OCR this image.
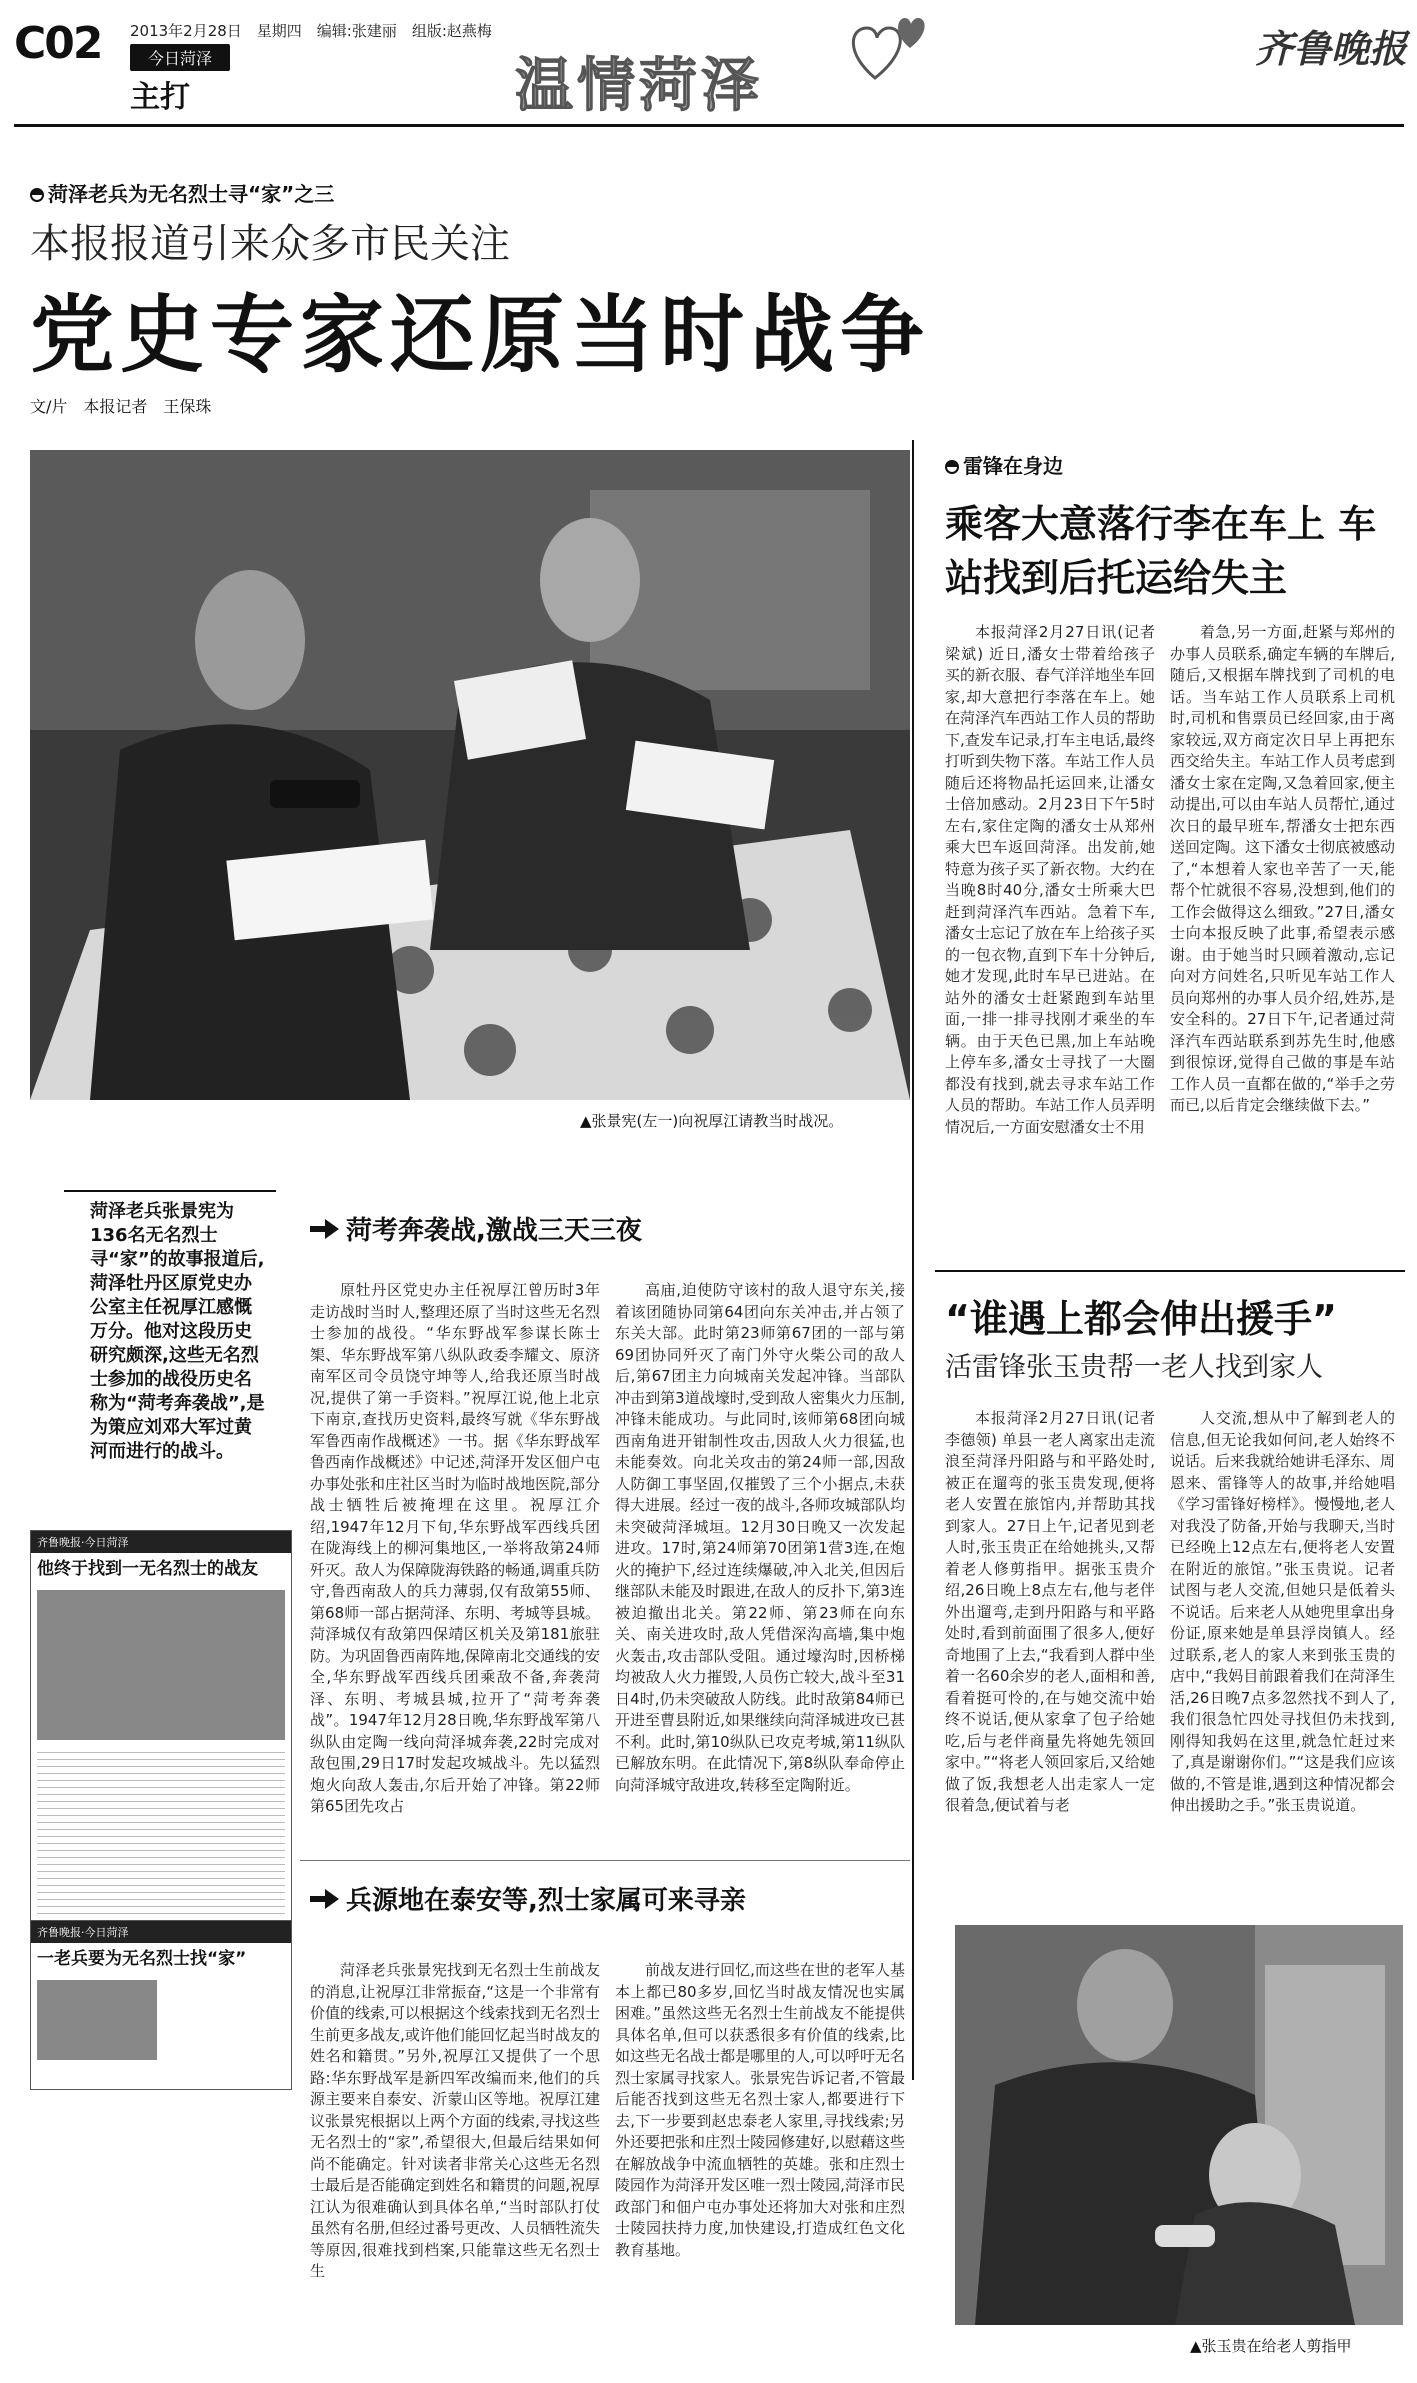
C02 2013年2月28日　星期四　编辑:张建丽　组版:赵燕梅
今日菏泽
主打	温情菏泽
齐鲁晚报
菏泽老兵为无名烈士寻“家”之三
本报报道引来众多市民关注
党史专家还原当时战争
文/片　本报记者　王保珠
▲张景宪(左一)向祝厚江请教当时战况。
菏泽老兵张景宪为136名无名烈士寻“家”的故事报道后,菏泽牡丹区原党史办公室主任祝厚江感慨万分。他对这段历史研究颇深,这些无名烈士参加的战役历史名称为“菏考奔袭战”,是为策应刘邓大军过黄河而进行的战斗。
齐鲁晚报·今日菏泽
他终于找到一无名烈士的战友
齐鲁晚报·今日菏泽
一老兵要为无名烈士找“家”
菏考奔袭战,激战三天三夜

原牡丹区党史办主任祝厚江曾历时3年走访战时当时人,整理还原了当时这些无名烈士参加的战役。“华东野战军参谋长陈士榘、华东野战军第八纵队政委李耀文、原济南军区司令员饶守坤等人,给我还原当时战况,提供了第一手资料。”祝厚江说,他上北京下南京,查找历史资料,最终写就《华东野战军鲁西南作战概述》一书。据《华东野战军鲁西南作战概述》中记述,菏泽开发区佃户屯办事处张和庄社区当时为临时战地医院,部分战士牺牲后被掩埋在这里。祝厚江介绍,1947年12月下旬,华东野战军西线兵团在陇海线上的柳河集地区,一举将敌第24师歼灭。敌人为保障陇海铁路的畅通,调重兵防守,鲁西南敌人的兵力薄弱,仅有敌第55师、第68师一部占据菏泽、东明、考城等县城。菏泽城仅有敌第四保靖区机关及第181旅驻防。为巩固鲁西南阵地,保障南北交通线的安全,华东野战军西线兵团乘敌不备,奔袭菏泽、东明、考城县城,拉开了“菏考奔袭战”。1947年12月28日晚,华东野战军第八纵队由定陶一线向菏泽城奔袭,22时完成对敌包围,29日17时发起攻城战斗。先以猛烈炮火向敌人轰击,尔后开始了冲锋。第22师第65团先攻占

高庙,迫使防守该村的敌人退守东关,接着该团随协同第64团向东关冲击,并占领了东关大部。此时第23师第67团的一部与第69团协同歼灭了南门外守火柴公司的敌人后,第67团主力向城南关发起冲锋。当部队冲击到第3道战壕时,受到敌人密集火力压制,冲锋未能成功。与此同时,该师第68团向城西南角进开钳制性攻击,因敌人火力很猛,也未能奏效。向北关攻击的第24师一部,因敌人防御工事坚固,仅摧毁了三个小据点,未获得大进展。经过一夜的战斗,各师攻城部队均未突破菏泽城垣。12月30日晚又一次发起进攻。17时,第24师第70团第1营3连,在炮火的掩护下,经过连续爆破,冲入北关,但因后继部队未能及时跟进,在敌人的反扑下,第3连被迫撤出北关。第22师、第23师在向东关、南关进攻时,敌人凭借深沟高墙,集中炮火轰击,攻击部队受阻。通过壕沟时,因桥梯均被敌人火力摧毁,人员伤亡较大,战斗至31日4时,仍未突破敌人防线。此时敌第84师已开进至曹县附近,如果继续向菏泽城进攻已甚不利。此时,第10纵队已攻克考城,第11纵队已解放东明。在此情况下,第8纵队奉命停止向菏泽城守敌进攻,转移至定陶附近。

兵源地在泰安等,烈士家属可来寻亲

菏泽老兵张景宪找到无名烈士生前战友的消息,让祝厚江非常振奋,“这是一个非常有价值的线索,可以根据这个线索找到无名烈士生前更多战友,或许他们能回忆起当时战友的姓名和籍贯。”另外,祝厚江又提供了一个思路:华东野战军是新四军改编而来,他们的兵源主要来自泰安、沂蒙山区等地。祝厚江建议张景宪根据以上两个方面的线索,寻找这些无名烈士的“家”,希望很大,但最后结果如何尚不能确定。针对读者非常关心这些无名烈士最后是否能确定到姓名和籍贯的问题,祝厚江认为很难确认到具体名单,“当时部队打仗虽然有名册,但经过番号更改、人员牺牲流失等原因,很难找到档案,只能靠这些无名烈士生

前战友进行回忆,而这些在世的老军人基本上都已80多岁,回忆当时战友情况也实属困难。”虽然这些无名烈士生前战友不能提供具体名单,但可以获悉很多有价值的线索,比如这些无名战士都是哪里的人,可以呼吁无名烈士家属寻找家人。张景宪告诉记者,不管最后能否找到这些无名烈士家人,都要进行下去,下一步要到赵忠泰老人家里,寻找线索;另外还要把张和庄烈士陵园修建好,以慰藉这些在解放战争中流血牺牲的英雄。张和庄烈士陵园作为菏泽开发区唯一烈士陵园,菏泽市民政部门和佃户屯办事处还将加大对张和庄烈士陵园扶持力度,加快建设,打造成红色文化教育基地。

雷锋在身边
乘客大意落行李在车上 车站找到后托运给失主

本报菏泽2月27日讯(记者 梁斌) 近日,潘女士带着给孩子买的新衣服、春气洋洋地坐车回家,却大意把行李落在车上。她在菏泽汽车西站工作人员的帮助下,查发车记录,打车主电话,最终打听到失物下落。车站工作人员随后还将物品托运回来,让潘女士倍加感动。2月23日下午5时左右,家住定陶的潘女士从郑州乘大巴车返回菏泽。出发前,她特意为孩子买了新衣物。大约在当晚8时40分,潘女士所乘大巴赶到菏泽汽车西站。急着下车,潘女士忘记了放在车上给孩子买的一包衣物,直到下车十分钟后,她才发现,此时车早已进站。在站外的潘女士赶紧跑到车站里面,一排一排寻找刚才乘坐的车辆。由于天色已黑,加上车站晚上停车多,潘女士寻找了一大圈都没有找到,就去寻求车站工作人员的帮助。车站工作人员弄明情况后,一方面安慰潘女士不用

着急,另一方面,赶紧与郑州的办事人员联系,确定车辆的车牌后,随后,又根据车牌找到了司机的电话。当车站工作人员联系上司机时,司机和售票员已经回家,由于离家较远,双方商定次日早上再把东西交给失主。车站工作人员考虑到潘女士家在定陶,又急着回家,便主动提出,可以由车站人员帮忙,通过次日的最早班车,帮潘女士把东西送回定陶。这下潘女士彻底被感动了,“本想着人家也辛苦了一天,能帮个忙就很不容易,没想到,他们的工作会做得这么细致。”27日,潘女士向本报反映了此事,希望表示感谢。由于她当时只顾着激动,忘记向对方问姓名,只听见车站工作人员向郑州的办事人员介绍,姓苏,是安全科的。27日下午,记者通过菏泽汽车西站联系到苏先生时,他感到很惊讶,觉得自己做的事是车站工作人员一直都在做的,“举手之劳而已,以后肯定会继续做下去。”

“谁遇上都会伸出援手”
活雷锋张玉贵帮一老人找到家人

本报菏泽2月27日讯(记者 李德领) 单县一老人离家出走流浪至菏泽丹阳路与和平路处时,被正在遛弯的张玉贵发现,便将老人安置在旅馆内,并帮助其找到家人。27日上午,记者见到老人时,张玉贵正在给她挑头,又帮着老人修剪指甲。据张玉贵介绍,26日晚上8点左右,他与老伴外出遛弯,走到丹阳路与和平路处时,看到前面围了很多人,便好奇地围了上去,“我看到人群中坐着一名60余岁的老人,面相和善,看着挺可怜的,在与她交流中始终不说话,便从家拿了包子给她吃,后与老伴商量先将她先领回家中。”“将老人领回家后,又给她做了饭,我想老人出走家人一定很着急,便试着与老

人交流,想从中了解到老人的信息,但无论我如何问,老人始终不说话。后来我就给她讲毛泽东、周恩来、雷锋等人的故事,并给她唱《学习雷锋好榜样》。慢慢地,老人对我没了防备,开始与我聊天,当时已经晚上12点左右,便将老人安置在附近的旅馆。”张玉贵说。记者试图与老人交流,但她只是低着头不说话。后来老人从她兜里拿出身份证,原来她是单县浮岗镇人。经过联系,老人的家人来到张玉贵的店中,“我妈目前跟着我们在菏泽生活,26日晚7点多忽然找不到人了,我们很急忙四处寻找但仍未找到,刚得知我妈在这里,就急忙赶过来了,真是谢谢你们。”“这是我们应该做的,不管是谁,遇到这种情况都会伸出援助之手。”张玉贵说道。

▲张玉贵在给老人剪指甲
